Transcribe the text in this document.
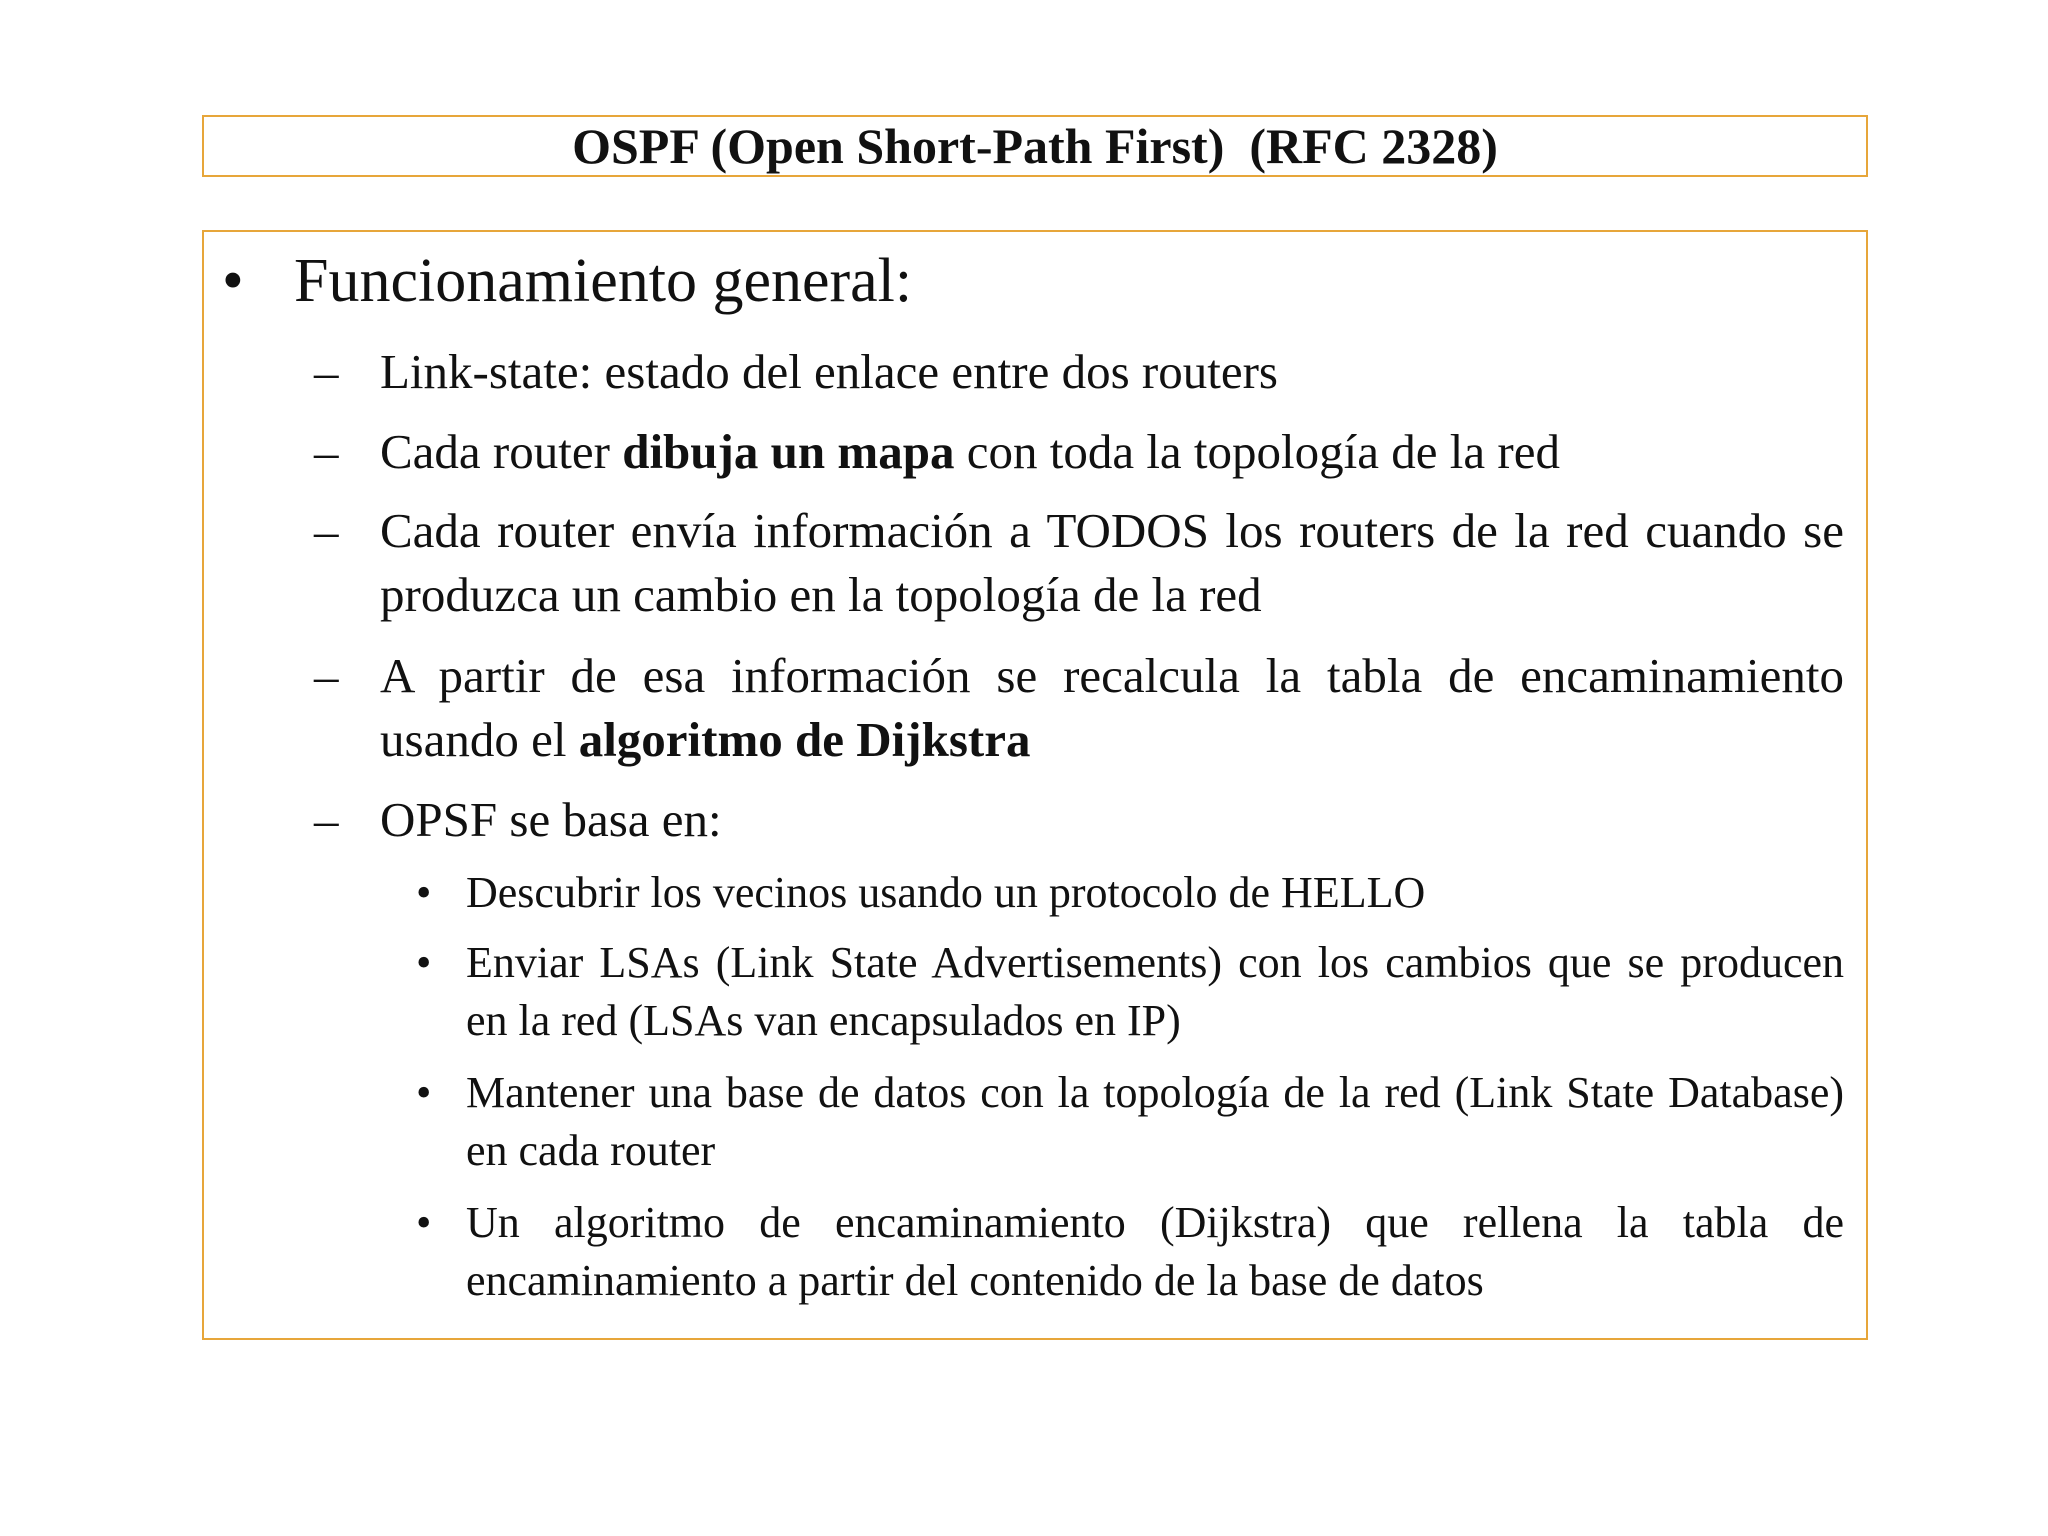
OSPF (Open Short-Path First)  (RFC 2328)
• Funcionamiento general:
– Link-state: estado del enlace entre dos routers
– Cada router dibuja un mapa con toda la topología de la red
– Cada router envía información a TODOS los routers de la red cuando se produzca un cambio en la topología de la red
– A partir de esa información se recalcula la tabla de encaminamiento usando el algoritmo de Dijkstra
– OPSF se basa en:
• Descubrir los vecinos usando un protocolo de HELLO
• Enviar LSAs (Link State Advertisements) con los cambios que se producen en la red (LSAs van encapsulados en IP)
• Mantener una base de datos con la topología de la red (Link State Database) en cada router
• Un algoritmo de encaminamiento (Dijkstra) que rellena la tabla de encaminamiento a partir del contenido de la base de datos
